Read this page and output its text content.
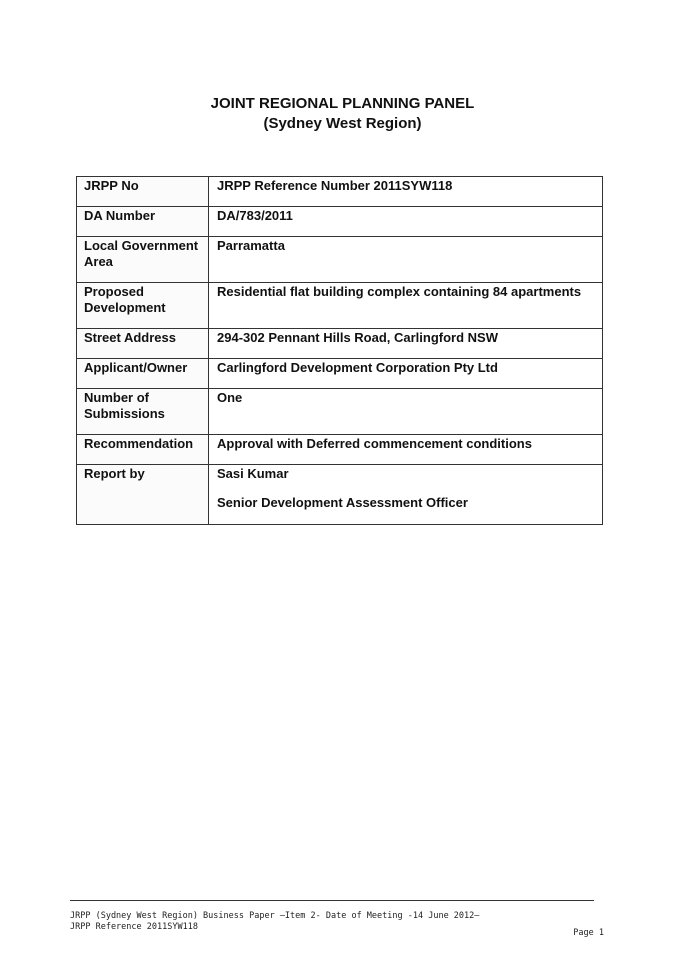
JOINT REGIONAL PLANNING PANEL
(Sydney West Region)
JRPP No	JRPP Reference Number 2011SYW118
DA Number	DA/783/2011
Local Government Area	Parramatta
Proposed Development	Residential flat building complex containing 84 apartments
Street Address	294-302 Pennant Hills Road, Carlingford NSW
Applicant/Owner	Carlingford Development Corporation Pty Ltd
Number of Submissions	One
Recommendation	Approval with Deferred commencement conditions
Report by	Sasi Kumar
Senior Development Assessment Officer
JRPP (Sydney West Region) Business Paper –Item 2- Date of Meeting -14 June 2012–
JRPP Reference 2011SYW118
Page 1
